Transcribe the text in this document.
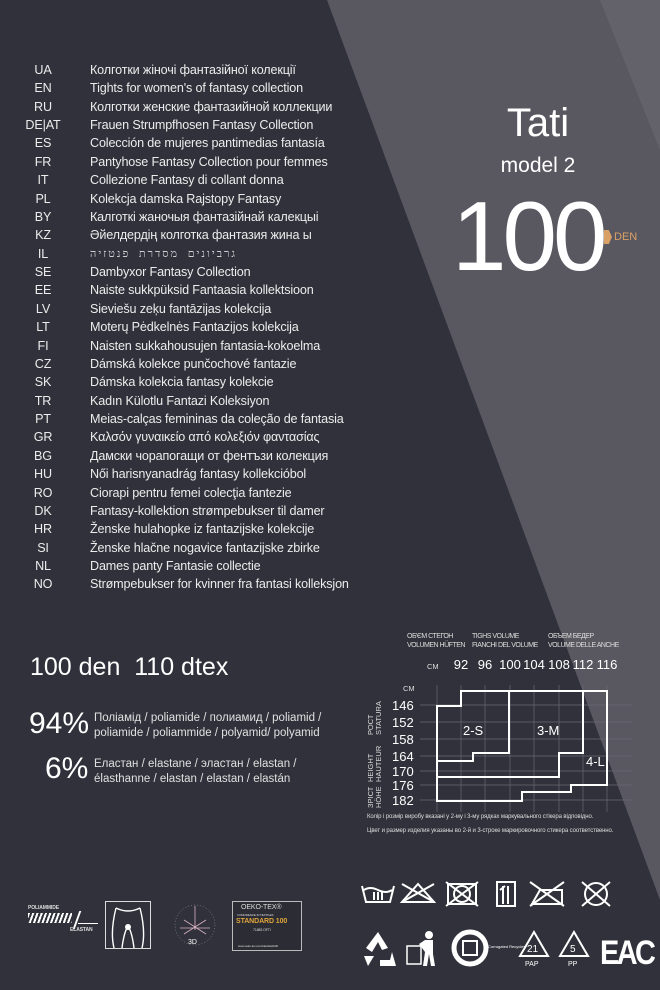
UA	Колготки жіночі фантазійноï колекції
EN	Tights for women's of fantasy collection
RU	Колготки женские фантазийной коллекции
DE|AT	Frauen Strumpfhosen Fantasy Collection
ES	Colección de mujeres pantimedias fantasía
FR	Pantyhose Fantasy Collection pour femmes
IT	Collezione Fantasy di collant donna
PL	Kolekcja damska Rajstopy Fantasy
BY	Калготкі жаночыя фантазійнай калекцыі
KZ	Әйелдердің колготка фантазия жина ы
IL	גרביונים מסדרת פנטזיה
SE	Dambyxor Fantasy Collection
EE	Naiste sukkpüksid Fantaasia kollektsioon
LV	Sieviešu zeķu fantāzijas kolekcija
LT	Moterų Pėdkelnės Fantazijos kolekcija
FI	Naisten sukkahousujen fantasia-kokoelma
CZ	Dámská kolekce punčochové fantazie
SK	Dámska kolekcia fantasy kolekcie
TR	Kadın Külotlu Fantazi Koleksiyon
PT	Meias-calças femininas da coleção de fantasia
GR	Καλσόν γυναικείο από κολεξιόν φαντασίας
BG	Дамски чорапогащи от фентъзи колекция
HU	Női harisnyanadrág fantasy kollekcióbol
RO	Ciorapi pentru femei colecţia fantezie
DK	Fantasy-kollektion strømpebukser til damer
HR	Ženske hulahopke iz fantazijske kolekcije
SI	Ženske hlačne nogavice fantazijske zbirke
NL	Dames panty Fantasie collectie
NO	Strømpebukser for kvinner fra fantasi kolleksjon
Tati
model 2
100 DEN
100 den  110 dtex
94% Поліамід / poliamide / полиамид / poliamid /
poliamide / poliammide / polyamid/ polyamid
6% Еластан / elastane / эластан / elastan /
élasthanne / elastan / elastan / elastán
ОБ'ЄМ СТЕГОН
VOLUMEN HÜFTEN
TIGHS VOLUME
FIANCHI DEL VOLUME
ОБЪЕМ БЕДЕР
VOLUME DELLE ANCHE
CM
CM
92 96 100 104 108 112 116
146
152
158
164
170
176
182
РОСТ STATURA
HEIGHT HAUTEUR
ЗРІСТ HÖHE
2-S	3-M
4-L
Колір і розмір виробу вказані у 2-му і 3-му рядках маркувального стікера відповідно.
Цвет и размер изделия указаны во 2-й и 3-строке маркировочного стикера соответственно.
POLIAMMIDE
ELASTAN
3D
OEKO-TEX®
CONFIDENCE IN TEXTILES
STANDARD 100
71683 OFTI
www.oeko-tex.com/standard100	Corrugated Recycles 21
PAP
5
PP EAC
